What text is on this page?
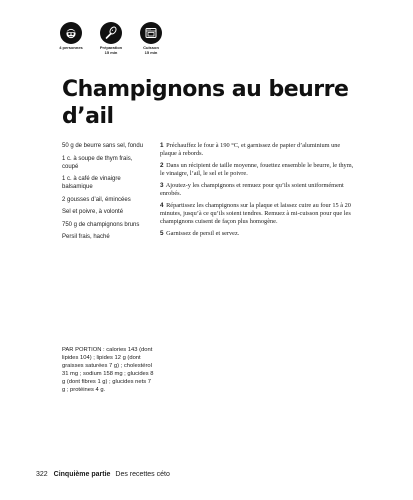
4 personnes	Préparation
15 min
Cuisson
15 min
Champignons au beurre d’ail
50 g de beurre sans sel, fondu
1 c. à soupe de thym frais, coupé
1 c. à café de vinaigre balsamique
2 gousses d’ail, émincées
Sel et poivre, à volonté
750 g de champignons bruns
Persil frais, haché
1 Préchauffez le four à 190 °C, et garnissez de papier d’aluminium une plaque à rebords.
2 Dans un récipient de taille moyenne, fouettez ensemble le beurre, le thym, le vinaigre, l’ail, le sel et le poivre.
3 Ajoutez-y les champignons et remuez pour qu’ils soient uniformément enrobés.
4 Répartissez les champignons sur la plaque et laissez cuire au four 15 à 20 minutes, jusqu’à ce qu’ils soient tendres. Remuez à mi-cuisson pour que les champignons cuisent de façon plus homogène.
5 Garnissez de persil et servez.

PAR PORTION : calories 143 (dont lipides 104) ; lipides 12 g (dont graisses saturées 7 g) ; cholestérol 31 mg ; sodium 158 mg ; glucides 8 g (dont fibres 1 g) ; glucides nets 7 g ; protéines 4 g.

322 Cinquième partie Des recettes céto
